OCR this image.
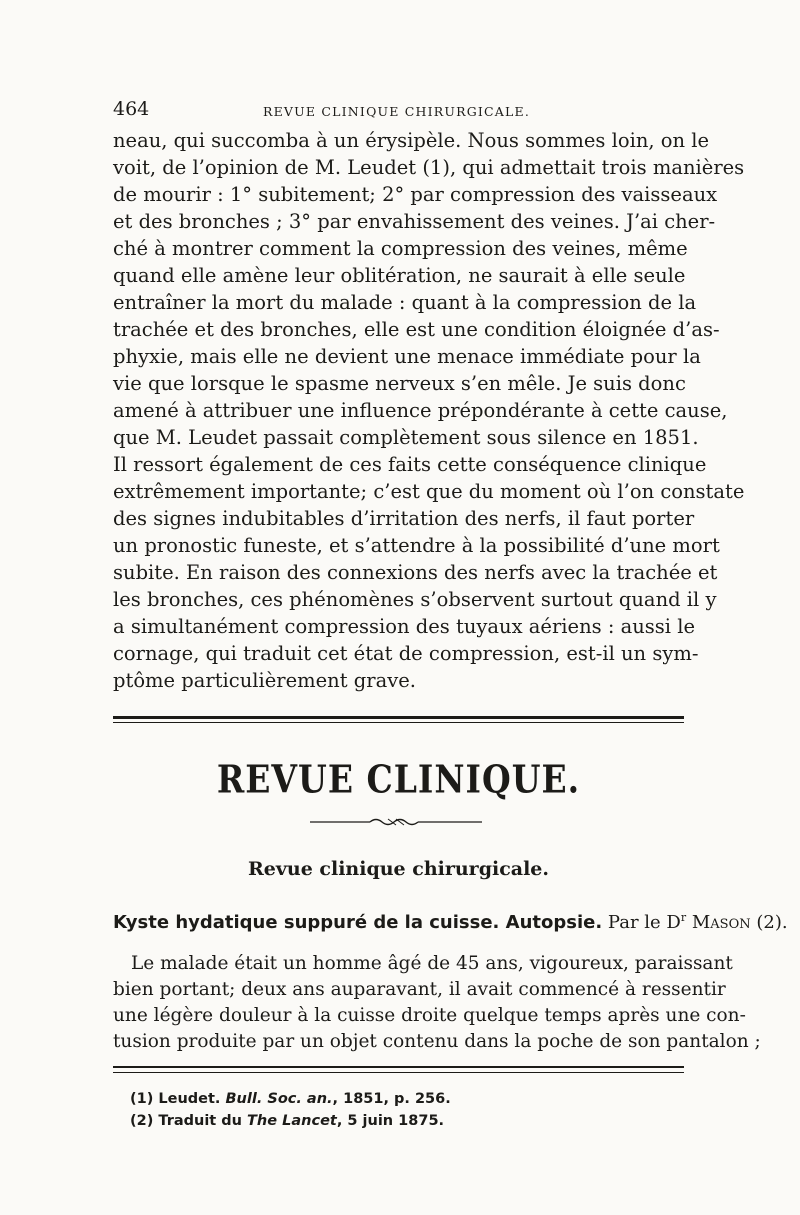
464	REVUE CLINIQUE CHIRURGICALE.
neau, qui succomba à un érysipèle. Nous sommes loin, on le
voit, de l’opinion de M. Leudet (1), qui admettait trois manières
de mourir : 1° subitement; 2° par compression des vaisseaux
et des bronches ; 3° par envahissement des veines. J’ai cher-
ché à montrer comment la compression des veines, même
quand elle amène leur oblitération, ne saurait à elle seule
entraîner la mort du malade : quant à la compression de la
trachée et des bronches, elle est une condition éloignée d’as-
phyxie, mais elle ne devient une menace immédiate pour la
vie que lorsque le spasme nerveux s’en mêle. Je suis donc
amené à attribuer une influence prépondérante à cette cause,
que M. Leudet passait complètement sous silence en 1851.
Il ressort également de ces faits cette conséquence clinique
extrêmement importante; c’est que du moment où l’on constate
des signes indubitables d’irritation des nerfs, il faut porter
un pronostic funeste, et s’attendre à la possibilité d’une mort
subite. En raison des connexions des nerfs avec la trachée et
les bronches, ces phénomènes s’observent surtout quand il y
a simultanément compression des tuyaux aériens : aussi le
cornage, qui traduit cet état de compression, est-il un sym-
ptôme particulièrement grave.
REVUE CLINIQUE.
Revue clinique chirurgicale.
Kyste hydatique suppuré de la cuisse. Autopsie. Par le $D^r$ Mason (2).
Le malade était un homme âgé de 45 ans, vigoureux, paraissant
bien portant; deux ans auparavant, il avait commencé à ressentir
une légère douleur à la cuisse droite quelque temps après une con-
tusion produite par un objet contenu dans la poche de son pantalon ;
(1) Leudet. Bull. Soc. an., 1851, p. 256.
(2) Traduit du The Lancet, 5 juin 1875.
